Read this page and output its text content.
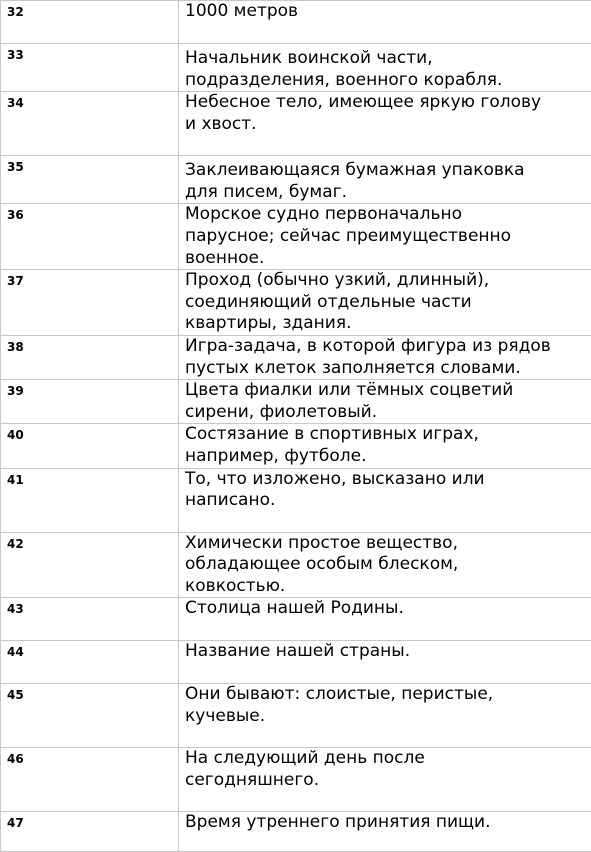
32	1000 метров
33	Начальник воинской части,
подразделения, военного корабля.
34	Небесное тело, имеющее яркую голову
и хвост.
35	Заклеивающаяся бумажная упаковка
для писем, бумаг.
36	Морское судно первоначально
парусное; сейчас преимущественно
военное.
37	Проход (обычно узкий, длинный),
соединяющий отдельные части
квартиры, здания.
38	Игра-задача, в которой фигура из рядов
пустых клеток заполняется словами.
39	Цвета фиалки или тёмных соцветий
сирени, фиолетовый.
40	Состязание в спортивных играх,
например, футболе.
41	То, что изложено, высказано или
написано.
42	Химически простое вещество,
обладающее особым блеском,
ковкостью.
43	Столица нашей Родины.
44	Название нашей страны.
45	Они бывают: слоистые, перистые,
кучевые.
46	На следующий день после
сегодняшнего.
47	Время утреннего принятия пищи.
